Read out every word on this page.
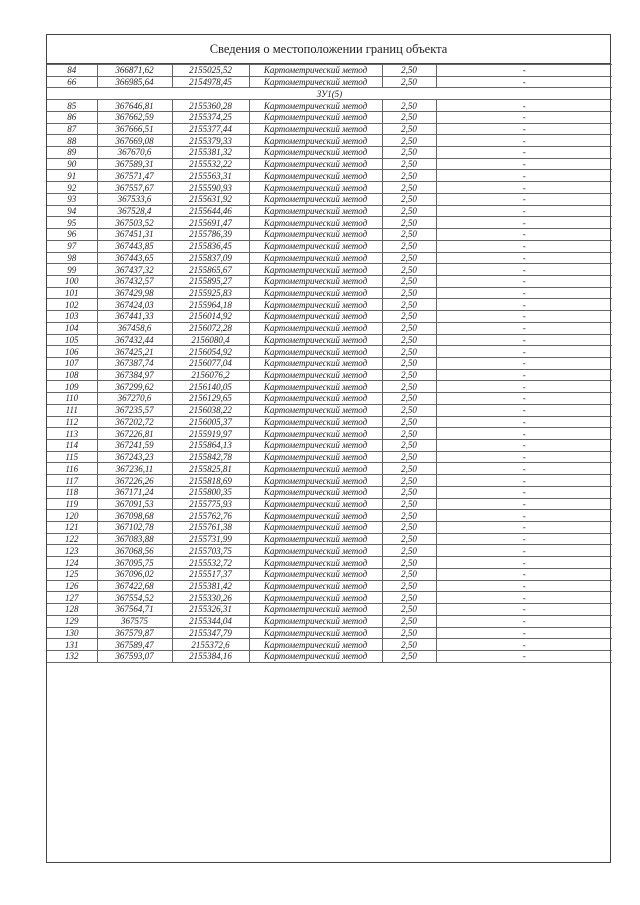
Сведения о местоположении границ объекта
84	366871,62	2155025,52	Картометрический метод	2,50	-
66	366985,64	2154978,45	Картометрический метод	2,50	-
ЗУ1(5)					
85	367646,81	2155360,28	Картометрический метод	2,50	-
86	367662,59	2155374,25	Картометрический метод	2,50	-
87	367666,51	2155377,44	Картометрический метод	2,50	-
88	367669,08	2155379,33	Картометрический метод	2,50	-
89	367670,6	2155381,32	Картометрический метод	2,50	-
90	367589,31	2155532,22	Картометрический метод	2,50	-
91	367571,47	2155563,31	Картометрический метод	2,50	-
92	367557,67	2155590,93	Картометрический метод	2,50	-
93	367533,6	2155631,92	Картометрический метод	2,50	-
94	367528,4	2155644,46	Картометрический метод	2,50	-
95	367503,52	2155691,47	Картометрический метод	2,50	-
96	367451,31	2155786,39	Картометрический метод	2,50	-
97	367443,85	2155836,45	Картометрический метод	2,50	-
98	367443,65	2155837,09	Картометрический метод	2,50	-
99	367437,32	2155865,67	Картометрический метод	2,50	-
100	367432,57	2155895,27	Картометрический метод	2,50	-
101	367429,98	2155925,83	Картометрический метод	2,50	-
102	367424,03	2155964,18	Картометрический метод	2,50	-
103	367441,33	2156014,92	Картометрический метод	2,50	-
104	367458,6	2156072,28	Картометрический метод	2,50	-
105	367432,44	2156080,4	Картометрический метод	2,50	-
106	367425,21	2156054,92	Картометрический метод	2,50	-
107	367387,74	2156077,04	Картометрический метод	2,50	-
108	367384,97	2156076,2	Картометрический метод	2,50	-
109	367299,62	2156140,05	Картометрический метод	2,50	-
110	367270,6	2156129,65	Картометрический метод	2,50	-
111	367235,57	2156038,22	Картометрический метод	2,50	-
112	367202,72	2156005,37	Картометрический метод	2,50	-
113	367226,81	2155919,97	Картометрический метод	2,50	-
114	367241,59	2155864,13	Картометрический метод	2,50	-
115	367243,23	2155842,78	Картометрический метод	2,50	-
116	367236,11	2155825,81	Картометрический метод	2,50	-
117	367226,26	2155818,69	Картометрический метод	2,50	-
118	367171,24	2155800,35	Картометрический метод	2,50	-
119	367091,53	2155775,93	Картометрический метод	2,50	-
120	367098,68	2155762,76	Картометрический метод	2,50	-
121	367102,78	2155761,38	Картометрический метод	2,50	-
122	367083,88	2155731,99	Картометрический метод	2,50	-
123	367068,56	2155703,75	Картометрический метод	2,50	-
124	367095,75	2155532,72	Картометрический метод	2,50	-
125	367096,02	2155517,37	Картометрический метод	2,50	-
126	367422,68	2155381,42	Картометрический метод	2,50	-
127	367554,52	2155330,26	Картометрический метод	2,50	-
128	367564,71	2155326,31	Картометрический метод	2,50	-
129	367575	2155344,04	Картометрический метод	2,50	-
130	367579,87	2155347,79	Картометрический метод	2,50	-
131	367589,47	2155372,6	Картометрический метод	2,50	-
132	367593,07	2155384,16	Картометрический метод	2,50	-
